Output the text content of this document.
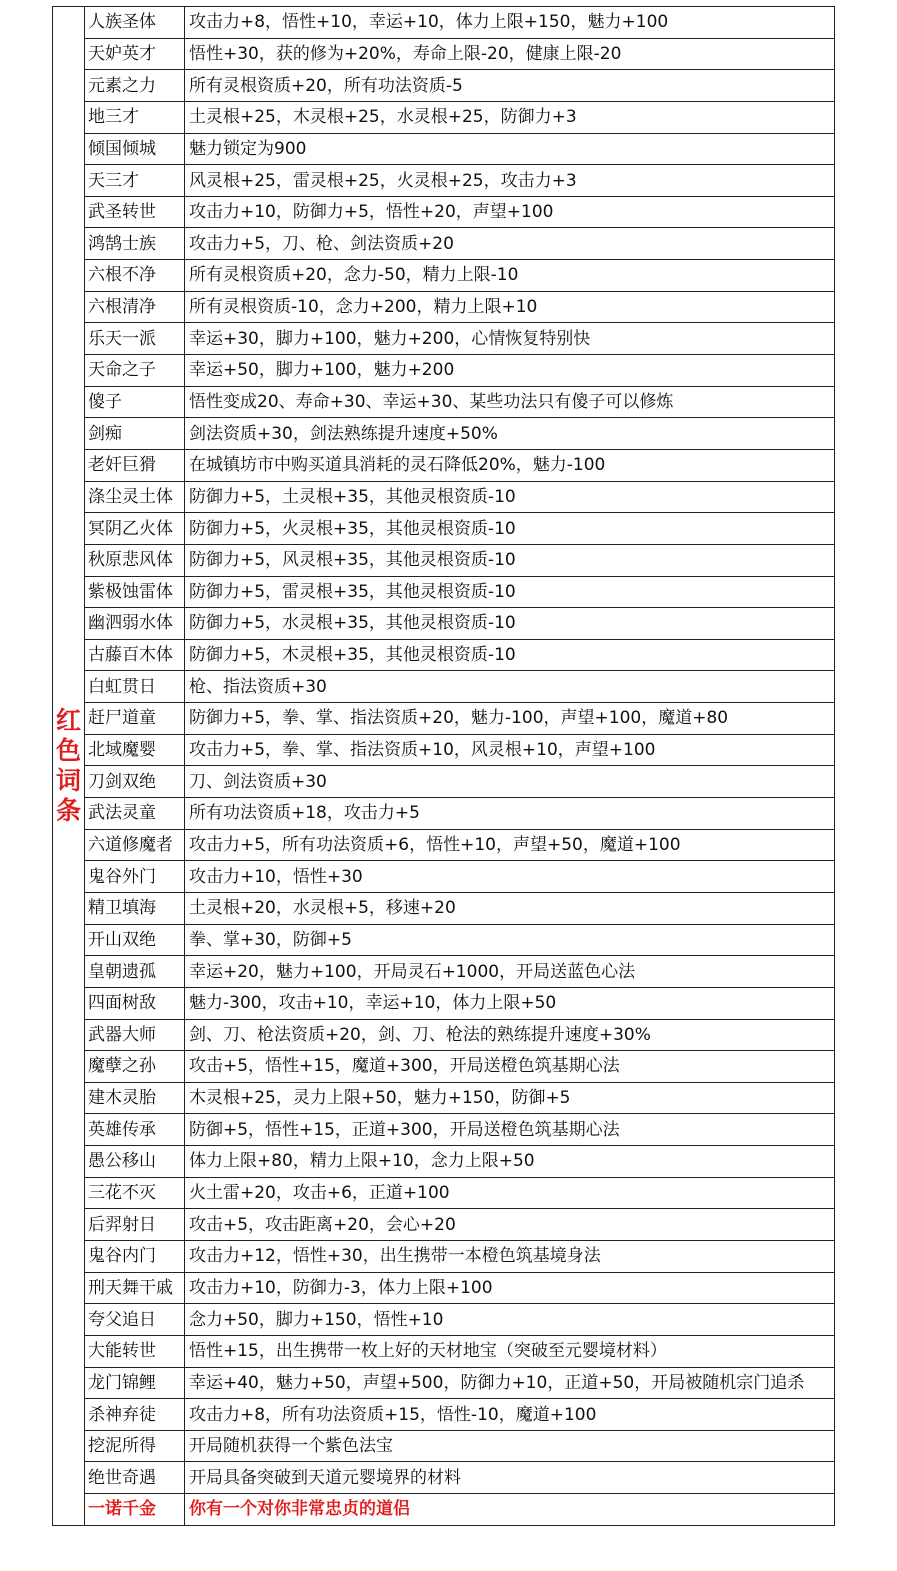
红色词条	人族圣体	攻击力+8，悟性+10，幸运+10，体力上限+150，魅力+100
	天妒英才	悟性+30，获的修为+20%，寿命上限-20，健康上限-20
	元素之力	所有灵根资质+20，所有功法资质-5
	地三才	土灵根+25，木灵根+25，水灵根+25，防御力+3
	倾国倾城	魅力锁定为900
	天三才	风灵根+25，雷灵根+25，火灵根+25，攻击力+3
	武圣转世	攻击力+10，防御力+5，悟性+20，声望+100
	鸿鹄士族	攻击力+5，刀、枪、剑法资质+20
	六根不净	所有灵根资质+20，念力-50，精力上限-10
	六根清净	所有灵根资质-10，念力+200，精力上限+10
	乐天一派	幸运+30，脚力+100，魅力+200，心情恢复特别快
	天命之子	幸运+50，脚力+100，魅力+200
	傻子	悟性变成20、寿命+30、幸运+30、某些功法只有傻子可以修炼
	剑痴	剑法资质+30，剑法熟练提升速度+50%
	老奸巨猾	在城镇坊市中购买道具消耗的灵石降低20%，魅力-100
	涤尘灵土体	防御力+5，土灵根+35，其他灵根资质-10
	冥阴乙火体	防御力+5，火灵根+35，其他灵根资质-10
	秋原悲风体	防御力+5，风灵根+35，其他灵根资质-10
	紫极蚀雷体	防御力+5，雷灵根+35，其他灵根资质-10
	幽泗弱水体	防御力+5，水灵根+35，其他灵根资质-10
	古藤百木体	防御力+5，木灵根+35，其他灵根资质-10
	白虹贯日	枪、指法资质+30
	赶尸道童	防御力+5，拳、掌、指法资质+20，魅力-100，声望+100，魔道+80
	北域魔婴	攻击力+5，拳、掌、指法资质+10，风灵根+10，声望+100
	刀剑双绝	刀、剑法资质+30
	武法灵童	所有功法资质+18，攻击力+5
	六道修魔者	攻击力+5，所有功法资质+6，悟性+10，声望+50，魔道+100
	鬼谷外门	攻击力+10，悟性+30
	精卫填海	土灵根+20，水灵根+5，移速+20
	开山双绝	拳、掌+30，防御+5
	皇朝遗孤	幸运+20，魅力+100，开局灵石+1000，开局送蓝色心法
	四面树敌	魅力-300，攻击+10，幸运+10，体力上限+50
	武器大师	剑、刀、枪法资质+20，剑、刀、枪法的熟练提升速度+30%
	魔孽之孙	攻击+5，悟性+15，魔道+300，开局送橙色筑基期心法
	建木灵胎	木灵根+25，灵力上限+50，魅力+150，防御+5
	英雄传承	防御+5，悟性+15，正道+300，开局送橙色筑基期心法
	愚公移山	体力上限+80，精力上限+10，念力上限+50
	三花不灭	火土雷+20，攻击+6，正道+100
	后羿射日	攻击+5，攻击距离+20，会心+20
	鬼谷内门	攻击力+12，悟性+30，出生携带一本橙色筑基境身法
	刑天舞干戚	攻击力+10，防御力-3，体力上限+100
	夸父追日	念力+50，脚力+150，悟性+10
	大能转世	悟性+15，出生携带一枚上好的天材地宝（突破至元婴境材料）
	龙门锦鲤	幸运+40，魅力+50，声望+500，防御力+10，正道+50，开局被随机宗门追杀
	杀神弃徒	攻击力+8，所有功法资质+15，悟性-10，魔道+100
	挖泥所得	开局随机获得一个紫色法宝
	绝世奇遇	开局具备突破到天道元婴境界的材料
	一诺千金	你有一个对你非常忠贞的道侣
